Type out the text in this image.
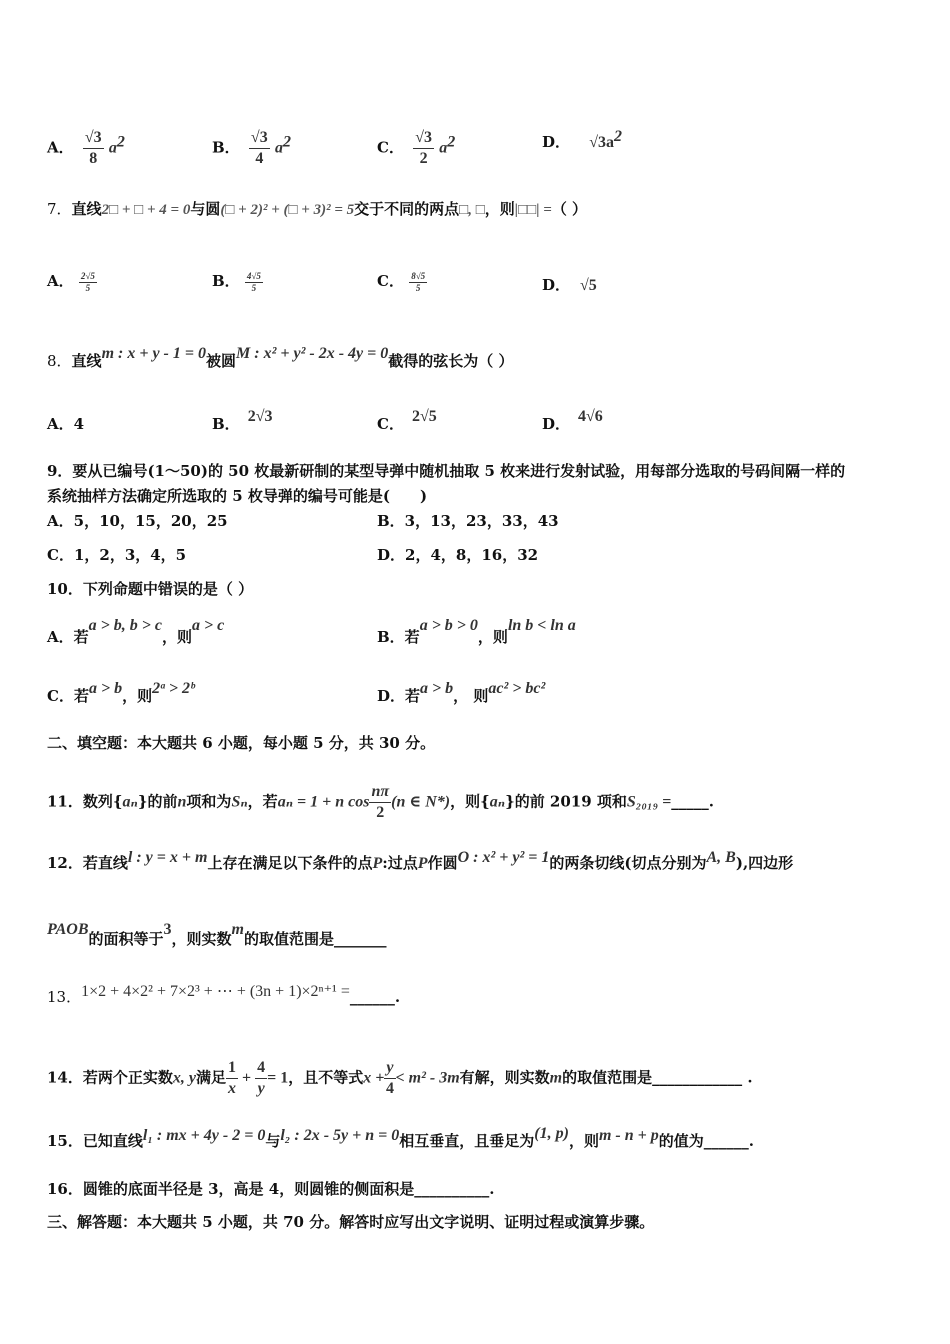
A． $\frac{√3}{8} a^2$	B． $\frac{√3}{4} a^2$	C． $\frac{√3}{2} a^2$	D． $√3a^2$
7．直线2□ + □ + 4 = 0与圆(□ + 2)² + (□ + 3)² = 5交于不同的两点□, □，则|□□| =（ ）
A． $\frac{2√5}{5}$	B． $\frac{4√5}{5}$	C． $\frac{8√5}{5}$	D． √5
8．直线m : x + y - 1 = 0被圆M : x² + y² - 2x - 4y = 0截得的弦长为（ ）
A．4	B． 2√3	C． 2√5	D． 4√6
9．要从已编号(1～50)的 50 枚最新研制的某型导弹中随机抽取 5 枚来进行发射试验，用每部分选取的号码间隔一样的
系统抽样方法确定所选取的 5 枚导弹的编号可能是(　　)
A．5，10，15，20，25	B．3，13，23，33，43
C．1，2，3，4，5	D．2，4，8，16，32
10．下列命题中错误的是（ ）
A．若a > b, b > c，则a > c
B．若a > b > 0，则ln b < ln a
C．若a > b，则2ᵃ > 2ᵇ	D．若a > b， 则ac² > bc²
二、填空题：本大题共 6 小题，每小题 5 分，共 30 分。
11．数列{aₙ}的前n项和为Sₙ，若aₙ = 1 + n $\cos \frac{n\pi}{2} (n$ ∈ N*)，则{aₙ}的前 2019 项和S₂₀₁₉ =_____.
12．若直线l : y = x + m上存在满足以下条件的点P:过点P作圆O : x² + y² = 1的两条切线(切点分别为A, B),四边形
PAOB的面积等于3，则实数m的取值范围是_______
13．1×2 + 4×2² + 7×2³ + ⋯ + (3n + 1)×2ⁿ⁺¹ =______.
14．若两个正实数x, y满足 $\frac{1}{x} + \frac{4}{y} = 1$，且不等式$x + \frac{y}{4} < m^2 - 3m$有解，则实数m的取值范围是____________ .
15．已知直线l₁ : mx + 4y - 2 = 0与l₂ : 2x - 5y + n = 0相互垂直，且垂足为(1, p)，则m - n + p的值为______.
16．圆锥的底面半径是 3，高是 4，则圆锥的侧面积是__________.
三、解答题：本大题共 5 小题，共 70 分。解答时应写出文字说明、证明过程或演算步骤。
